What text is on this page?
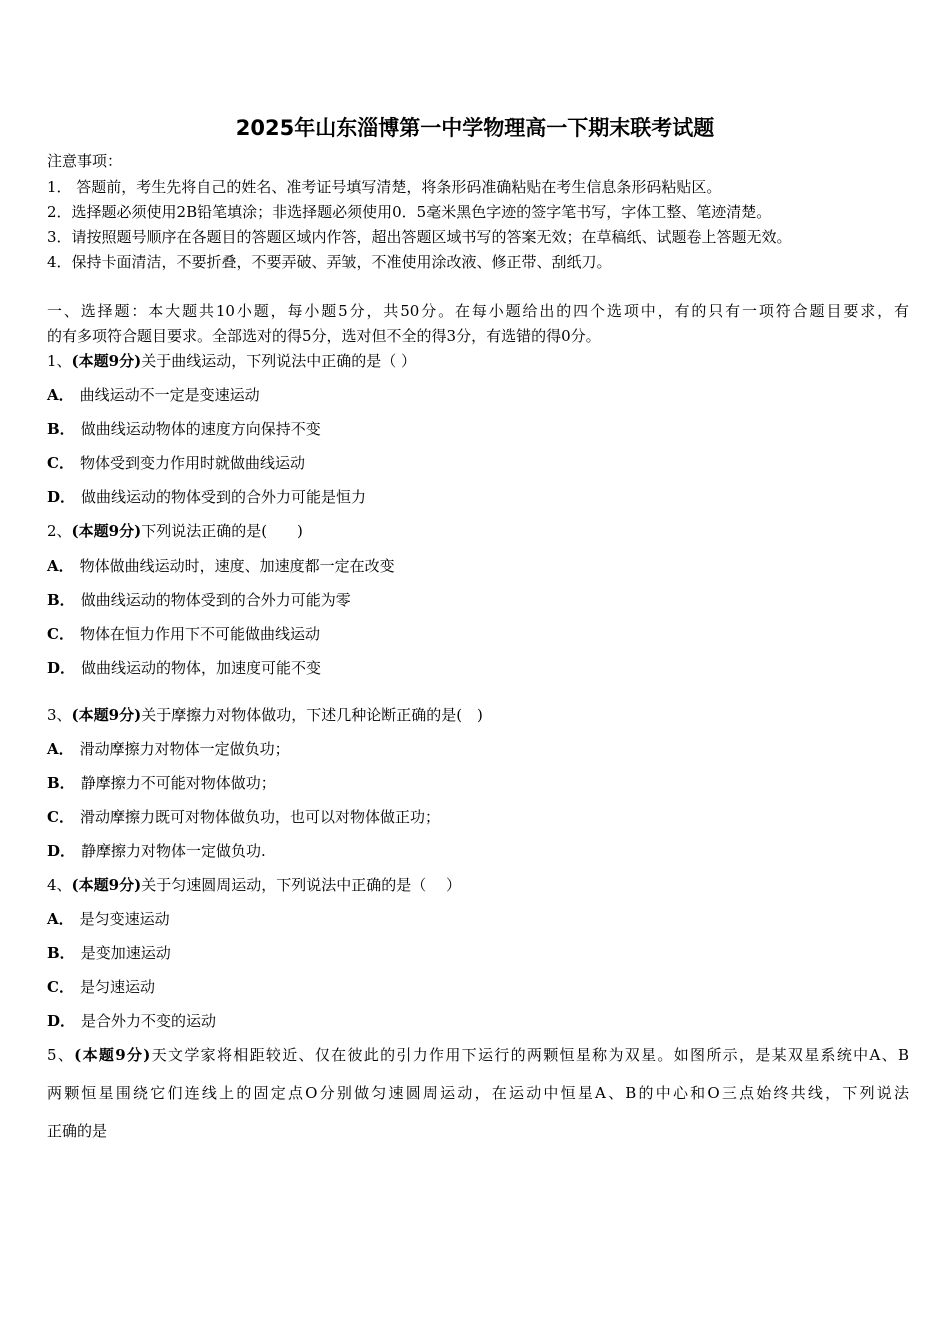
2025年山东淄博第一中学物理高一下期末联考试题
注意事项：
1． 答题前，考生先将自己的姓名、准考证号填写清楚，将条形码准确粘贴在考生信息条形码粘贴区。
2．选择题必须使用2B铅笔填涂；非选择题必须使用0．5毫米黑色字迹的签字笔书写，字体工整、笔迹清楚。
3．请按照题号顺序在各题目的答题区域内作答，超出答题区域书写的答案无效；在草稿纸、试题卷上答题无效。
4．保持卡面清洁，不要折叠，不要弄破、弄皱，不准使用涂改液、修正带、刮纸刀。
一、选择题：本大题共10小题，每小题5分，共50分。在每小题给出的四个选项中，有的只有一项符合题目要求，有
的有多项符合题目要求。全部选对的得5分，选对但不全的得3分，有选错的得0分。
1、(本题9分)关于曲线运动，下列说法中正确的是（ ）
A． 曲线运动不一定是变速运动
B． 做曲线运动物体的速度方向保持不变
C． 物体受到变力作用时就做曲线运动
D． 做曲线运动的物体受到的合外力可能是恒力
2、(本题9分)下列说法正确的是(　　)
A． 物体做曲线运动时，速度、加速度都一定在改变
B． 做曲线运动的物体受到的合外力可能为零
C． 物体在恒力作用下不可能做曲线运动
D． 做曲线运动的物体，加速度可能不变
3、(本题9分)关于摩擦力对物体做功，下述几种论断正确的是(　)
A． 滑动摩擦力对物体一定做负功；
B． 静摩擦力不可能对物体做功；
C． 滑动摩擦力既可对物体做负功，也可以对物体做正功；
D． 静摩擦力对物体一定做负功.
4、(本题9分)关于匀速圆周运动，下列说法中正确的是（　 ）
A． 是匀变速运动
B． 是变加速运动
C． 是匀速运动
D． 是合外力不变的运动
5、(本题9分)天文学家将相距较近、仅在彼此的引力作用下运行的两颗恒星称为双星。如图所示，是某双星系统中A、B
两颗恒星围绕它们连线上的固定点O分别做匀速圆周运动，在运动中恒星A、B的中心和O三点始终共线，下列说法
正确的是
